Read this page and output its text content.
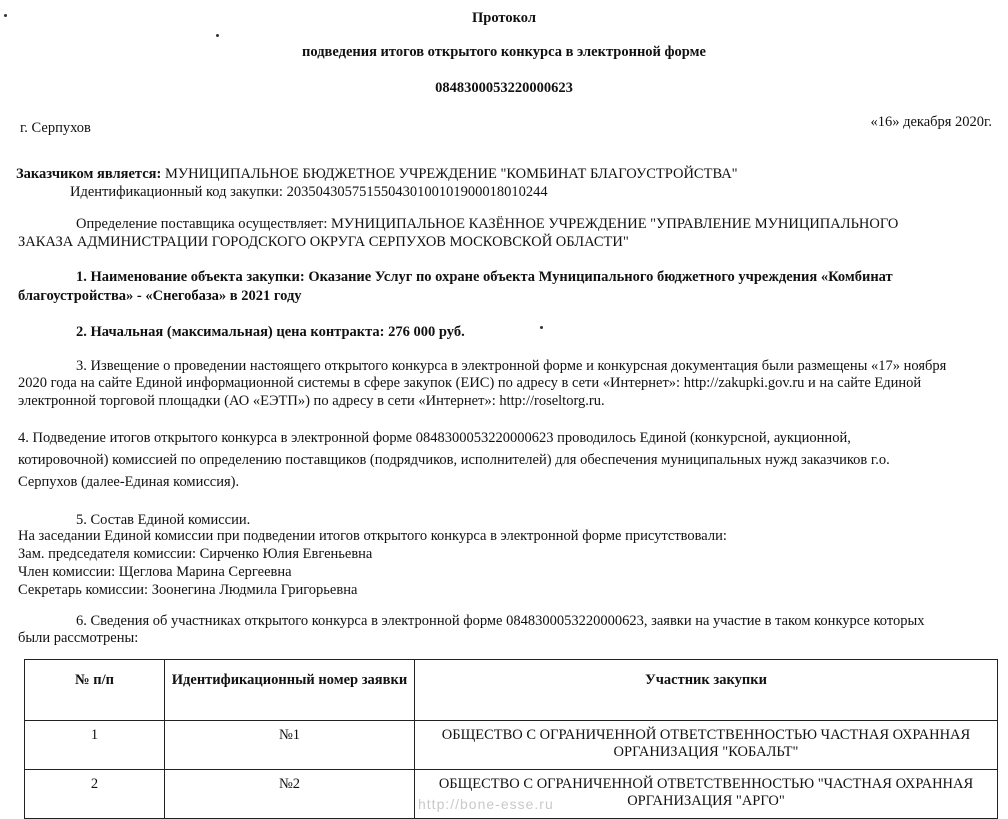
Протокол
подведения итогов открытого конкурса в электронной форме
0848300053220000623
г. Серпухов	«16» декабря 2020г.
Заказчиком является: МУНИЦИПАЛЬНОЕ БЮДЖЕТНОЕ УЧРЕЖДЕНИЕ "КОМБИНАТ БЛАГОУСТРОЙСТВА"
Идентификационный код закупки: 203504305751550430100101900018010244
Определение поставщика осуществляет: МУНИЦИПАЛЬНОЕ КАЗЁННОЕ УЧРЕЖДЕНИЕ "УПРАВЛЕНИЕ МУНИЦИПАЛЬНОГО
ЗАКАЗА АДМИНИСТРАЦИИ ГОРОДСКОГО ОКРУГА СЕРПУХОВ МОСКОВСКОЙ ОБЛАСТИ"
1. Наименование объекта закупки: Оказание Услуг по охране объекта Муниципального бюджетного учреждения «Комбинат
благоустройства» - «Снегобаза» в 2021 году
2. Начальная (максимальная) цена контракта: 276 000 руб.
3. Извещение о проведении настоящего открытого конкурса в электронной форме и конкурсная документация были размещены «17» ноября
2020 года на сайте Единой информационной системы в сфере закупок (ЕИС) по адресу в сети «Интернет»: http://zakupki.gov.ru и на сайте Единой
электронной торговой площадки (АО «ЕЭТП») по адресу в сети «Интернет»: http://roseltorg.ru.
4. Подведение итогов открытого конкурса в электронной форме 0848300053220000623 проводилось Единой (конкурсной, аукционной,
котировочной) комиссией по определению поставщиков (подрядчиков, исполнителей) для обеспечения муниципальных нужд заказчиков г.о.
Серпухов (далее-Единая комиссия).
5. Состав Единой комиссии.
На заседании Единой комиссии при подведении итогов открытого конкурса в электронной форме присутствовали:
Зам. председателя комиссии: Сирченко Юлия Евгеньевна
Член комиссии: Щеглова Марина Сергеевна
Секретарь комиссии: Зоонегина Людмила Григорьевна
6. Сведения об участниках открытого конкурса в электронной форме 0848300053220000623, заявки на участие в таком конкурсе которых
были рассмотрены:
№ п/п	Идентификационный номер заявки	Участник закупки
1	№1	ОБЩЕСТВО С ОГРАНИЧЕННОЙ ОТВЕТСТВЕННОСТЬЮ ЧАСТНАЯ ОХРАННАЯ ОРГАНИЗАЦИЯ "КОБАЛЬТ"
2	№2	ОБЩЕСТВО С ОГРАНИЧЕННОЙ ОТВЕТСТВЕННОСТЬЮ "ЧАСТНАЯ ОХРАННАЯ ОРГАНИЗАЦИЯ "АРГО"
http://bone-esse.ru
